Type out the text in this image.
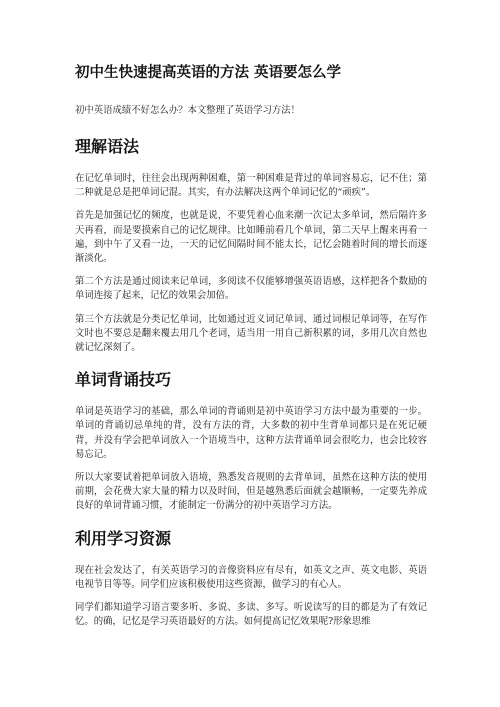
初中生快速提高英语的方法 英语要怎么学
初中英语成绩不好怎么办？本文整理了英语学习方法！
理解语法

在记忆单词时，往往会出现两种困难，第一种困难是背过的单词容易忘，记不住；第二种就是总是把单词记混。其实，有办法解决这两个单词记忆的“顽疾”。

首先是加强记忆的频度，也就是说，不要凭着心血来潮一次记太多单词，然后隔许多天再看，而是要摸索自己的记忆规律。比如睡前看几个单词，第二天早上醒来再看一遍，到中午了又看一边，一天的记忆间隔时间不能太长，记忆会随着时间的增长而逐渐淡化。

第二个方法是通过阅读来记单词，多阅读不仅能够增强英语语感，这样把各个数励的单词连接了起来，记忆的效果会加倍。

第三个方法就是分类记忆单词，比如通过近义词记单词、通过词根记单词等，在写作文时也不要总是翻来覆去用几个老词，适当用一用自己新积累的词，多用几次自然也就记忆深刻了。

单词背诵技巧

单词是英语学习的基础，那么单词的背诵则是初中英语学习方法中最为重要的一步。单词的背诵切忌单纯的背，没有方法的背，大多数的初中生背单词都只是在死记硬背，并没有学会把单词放入一个语境当中，这种方法背诵单词会很吃力，也会比较容易忘记。

所以大家要试着把单词放入语境，熟悉发音规则的去背单词，虽然在这种方法的使用前期，会花费大家大量的精力以及时间，但是越熟悉后面就会越顺畅，一定要先养成良好的单词背诵习惯，才能制定一份满分的初中英语学习方法。

利用学习资源

现在社会发达了，有关英语学习的音像资料应有尽有，如英文之声、英文电影、英语电视节目等等。同学们应该积极使用这些资源，做学习的有心人。

同学们都知道学习语言要多听、多说、多读、多写。听说读写的目的都是为了有效记忆。的确，记忆是学习英语最好的方法。如何提高记忆效果呢?形象思维
